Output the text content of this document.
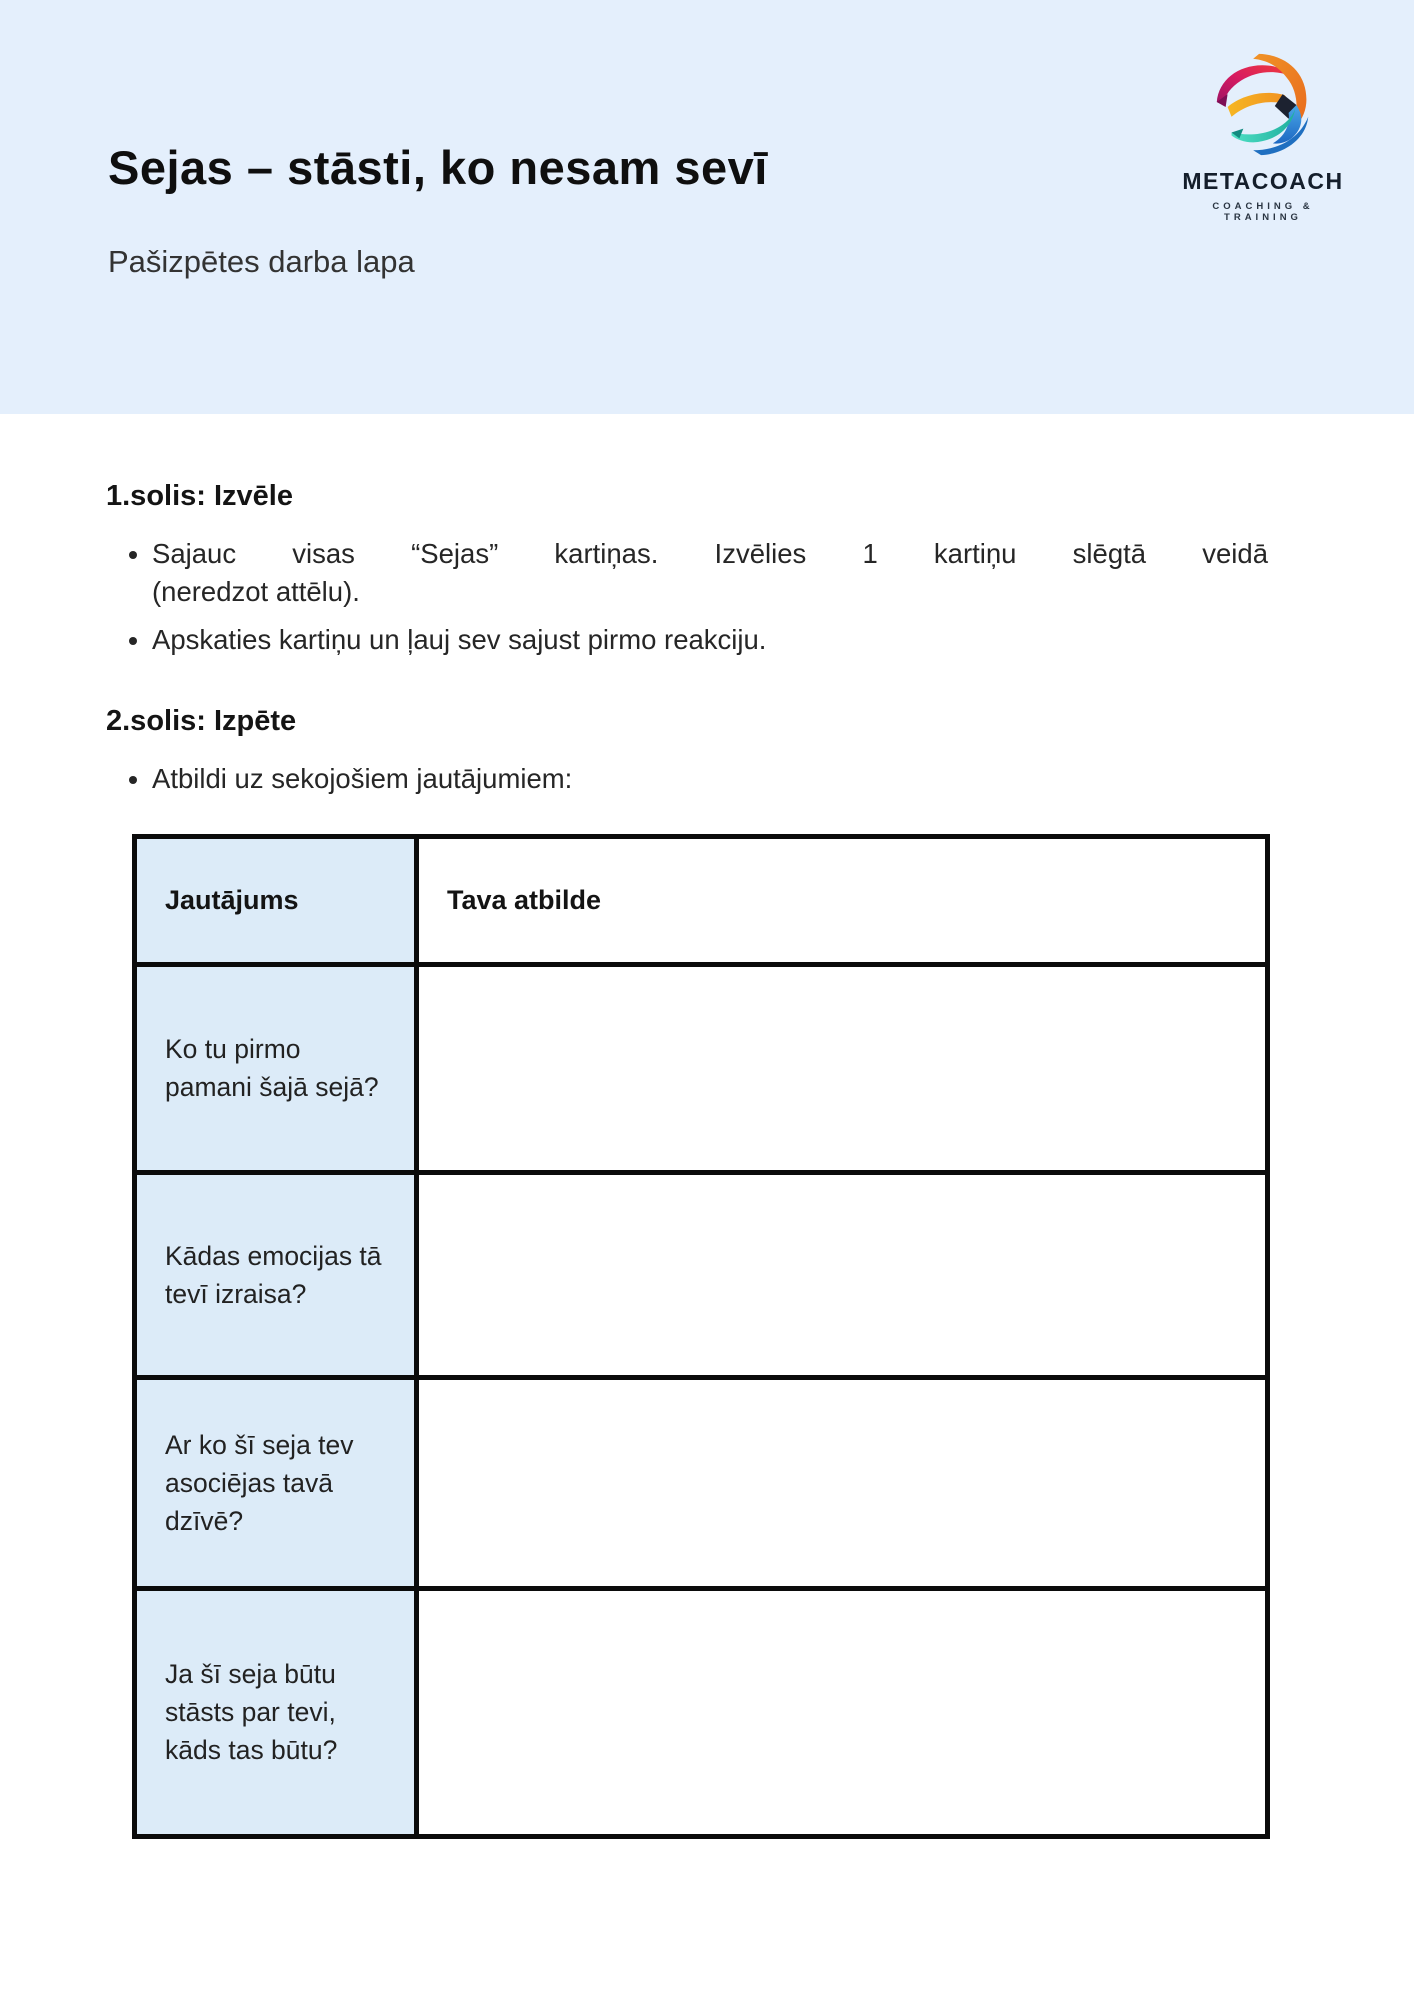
Sejas – stāsti, ko nesam sevī
Pašizpētes darba lapa
METACOACH
COACHING & TRAINING
1.solis: Izvēle
• Sajauc visas “Sejas” kartiņas. Izvēlies 1 kartiņu slēgtā veidā
(neredzot attēlu).
• Apskaties kartiņu un ļauj sev sajust pirmo reakciju.
2.solis: Izpēte
• Atbildi uz sekojošiem jautājumiem:
Jautājums	Tava atbilde
Ko tu pirmo pamani šajā sejā?	
Kādas emocijas tā tevī izraisa?	
Ar ko šī seja tev asociējas tavā dzīvē?	
Ja šī seja būtu stāsts par tevi, kāds tas būtu?	
